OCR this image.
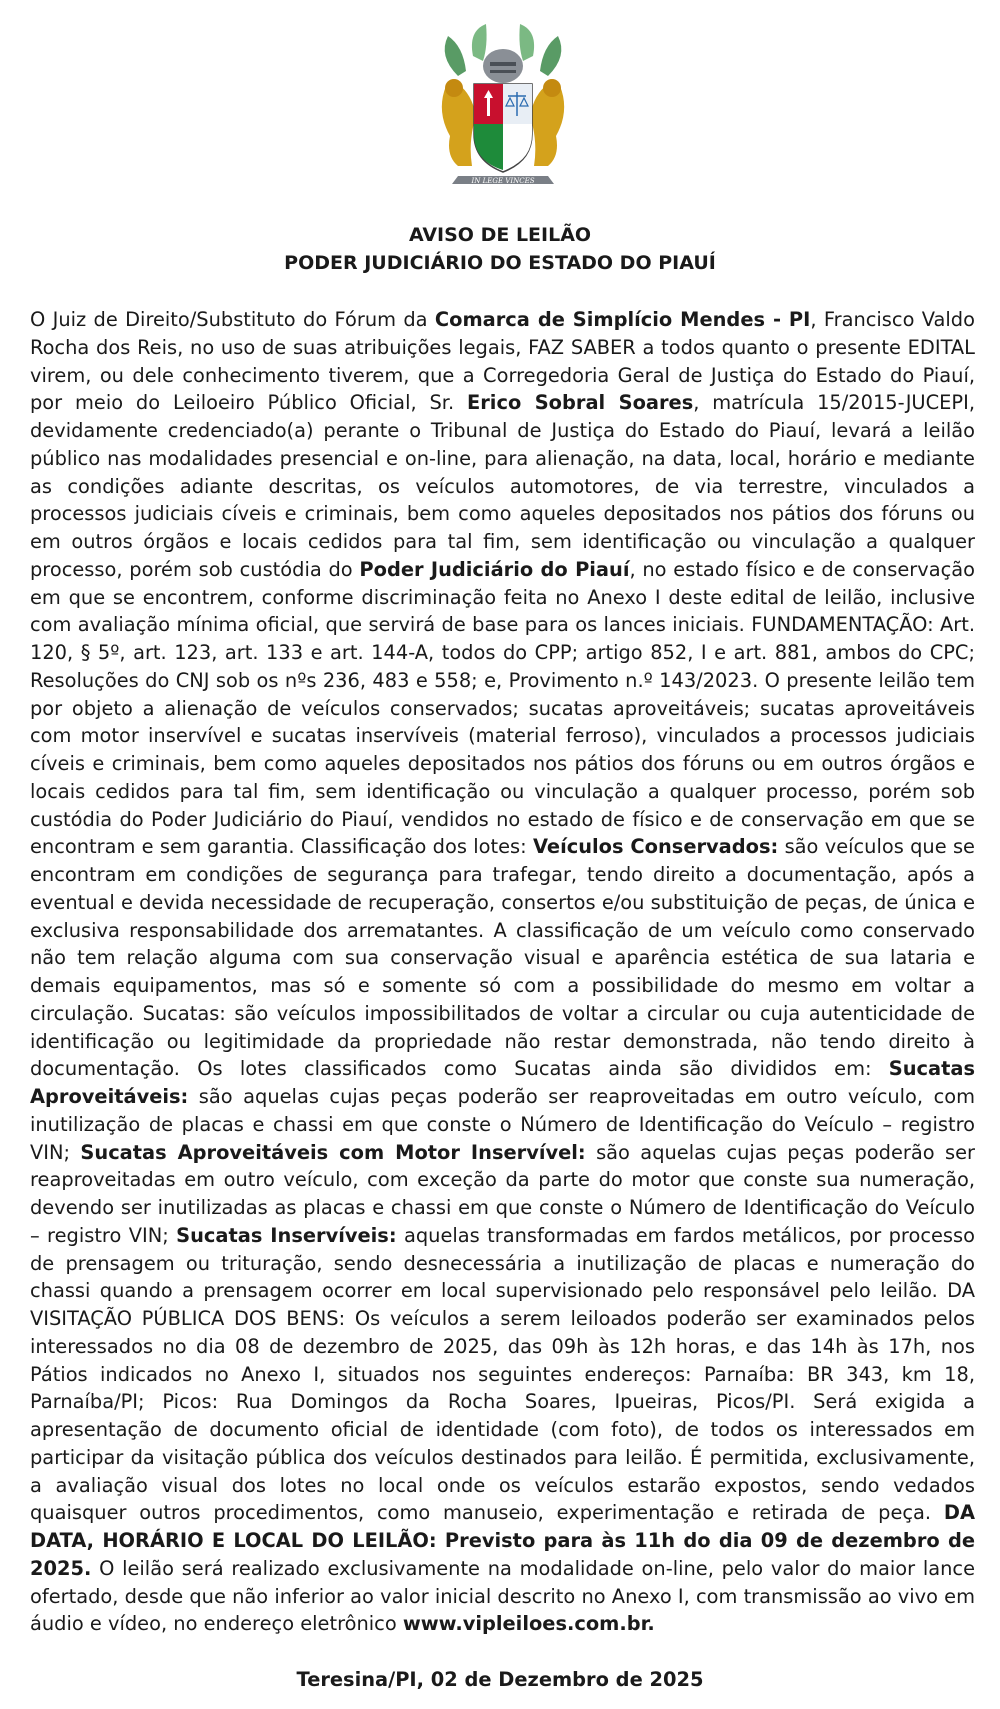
IN LEGE VINCES
AVISO DE LEILÃO
PODER JUDICIÁRIO DO ESTADO DO PIAUÍ
O Juiz de Direito/Substituto do Fórum da Comarca de Simplício Mendes - PI, Francisco Valdo Rocha dos Reis, no uso de suas atribuições legais, FAZ SABER a todos quanto o presente EDITAL virem, ou dele conhecimento tiverem, que a Corregedoria Geral de Justiça do Estado do Piauí, por meio do Leiloeiro Público Oficial, Sr. Erico Sobral Soares, matrícula 15/2015-JUCEPI, devidamente credenciado(a) perante o Tribunal de Justiça do Estado do Piauí, levará a leilão público nas modalidades presencial e on-line, para alienação, na data, local, horário e mediante as condições adiante descritas, os veículos automotores, de via terrestre, vinculados a processos judiciais cíveis e criminais, bem como aqueles depositados nos pátios dos fóruns ou em outros órgãos e locais cedidos para tal fim, sem identificação ou vinculação a qualquer processo, porém sob custódia do Poder Judiciário do Piauí, no estado físico e de conservação em que se encontrem, conforme discriminação feita no Anexo I deste edital de leilão, inclusive com avaliação mínima oficial, que servirá de base para os lances iniciais. FUNDAMENTAÇÃO: Art. 120, § 5º, art. 123, art. 133 e art. 144-A, todos do CPP; artigo 852, I e art. 881, ambos do CPC; Resoluções do CNJ sob os nºs 236, 483 e 558; e, Provimento n.º 143/2023. O presente leilão tem por objeto a alienação de veículos conservados; sucatas aproveitáveis; sucatas aproveitáveis com motor inservível e sucatas inservíveis (material ferroso), vinculados a processos judiciais cíveis e criminais, bem como aqueles depositados nos pátios dos fóruns ou em outros órgãos e locais cedidos para tal fim, sem identificação ou vinculação a qualquer processo, porém sob custódia do Poder Judiciário do Piauí, vendidos no estado de físico e de conservação em que se encontram e sem garantia. Classificação dos lotes: Veículos Conservados: são veículos que se encontram em condições de segurança para trafegar, tendo direito a documentação, após a eventual e devida necessidade de recuperação, consertos e/ou substituição de peças, de única e exclusiva responsabilidade dos arrematantes. A classificação de um veículo como conservado não tem relação alguma com sua conservação visual e aparência estética de sua lataria e demais equipamentos, mas só e somente só com a possibilidade do mesmo em voltar a circulação. Sucatas: são veículos impossibilitados de voltar a circular ou cuja autenticidade de identificação ou legitimidade da propriedade não restar demonstrada, não tendo direito à documentação. Os lotes classificados como Sucatas ainda são divididos em: Sucatas Aproveitáveis: são aquelas cujas peças poderão ser reaproveitadas em outro veículo, com inutilização de placas e chassi em que conste o Número de Identificação do Veículo – registro VIN; Sucatas Aproveitáveis com Motor Inservível: são aquelas cujas peças poderão ser reaproveitadas em outro veículo, com exceção da parte do motor que conste sua numeração, devendo ser inutilizadas as placas e chassi em que conste o Número de Identificação do Veículo – registro VIN; Sucatas Inservíveis: aquelas transformadas em fardos metálicos, por processo de prensagem ou trituração, sendo desnecessária a inutilização de placas e numeração do chassi quando a prensagem ocorrer em local supervisionado pelo responsável pelo leilão. DA VISITAÇÃO PÚBLICA DOS BENS: Os veículos a serem leiloados poderão ser examinados pelos interessados no dia 08 de dezembro de 2025, das 09h às 12h horas, e das 14h às 17h, nos Pátios indicados no Anexo I, situados nos seguintes endereços: Parnaíba: BR 343, km 18, Parnaíba/PI; Picos: Rua Domingos da Rocha Soares, Ipueiras, Picos/PI. Será exigida a apresentação de documento oficial de identidade (com foto), de todos os interessados em participar da visitação pública dos veículos destinados para leilão. É permitida, exclusivamente, a avaliação visual dos lotes no local onde os veículos estarão expostos, sendo vedados quaisquer outros procedimentos, como manuseio, experimentação e retirada de peça. DA DATA, HORÁRIO E LOCAL DO LEILÃO: Previsto para às 11h do dia 09 de dezembro de 2025. O leilão será realizado exclusivamente na modalidade on-line, pelo valor do maior lance ofertado, desde que não inferior ao valor inicial descrito no Anexo I, com transmissão ao vivo em áudio e vídeo, no endereço eletrônico www.vipleiloes.com.br.
Teresina/PI, 02 de Dezembro de 2025
